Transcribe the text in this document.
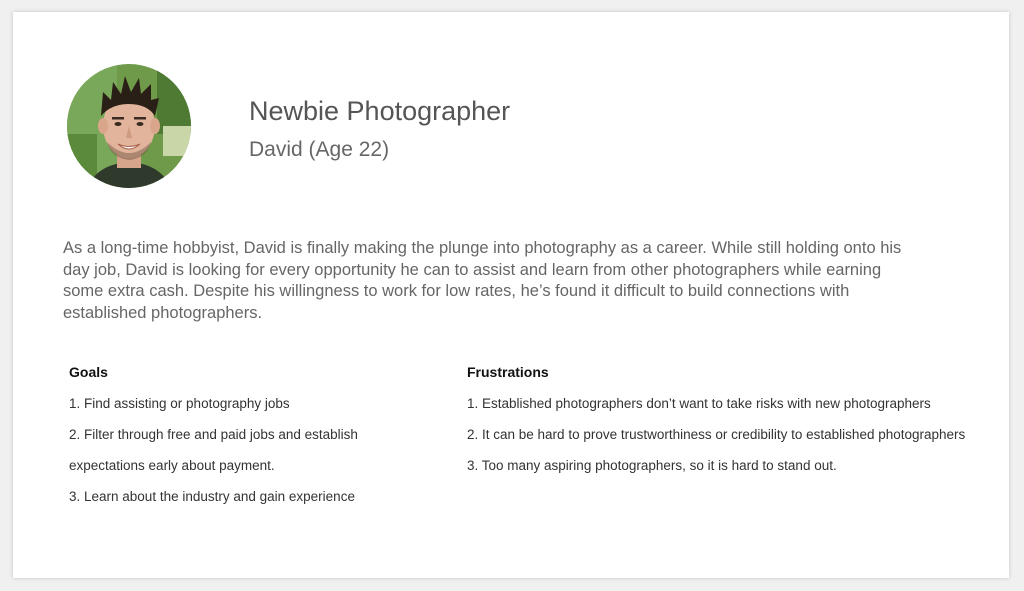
Newbie Photographer
David (Age 22)

As a long-time hobbyist, David is finally making the plunge into photography as a career. While still holding onto his day job, David is looking for every opportunity he can to assist and learn from other photographers while earning some extra cash. Despite his willingness to work for low rates, he’s found it difficult to build connections with established photographers.

Goals
1. Find assisting or photography jobs
2. Filter through free and paid jobs and establish expectations early about payment.
3. Learn about the industry and gain experience
Frustrations
1. Established photographers don’t want to take risks with new photographers
2. It can be hard to prove trustworthiness or credibility to established photographers
3. Too many aspiring photographers, so it is hard to stand out.
